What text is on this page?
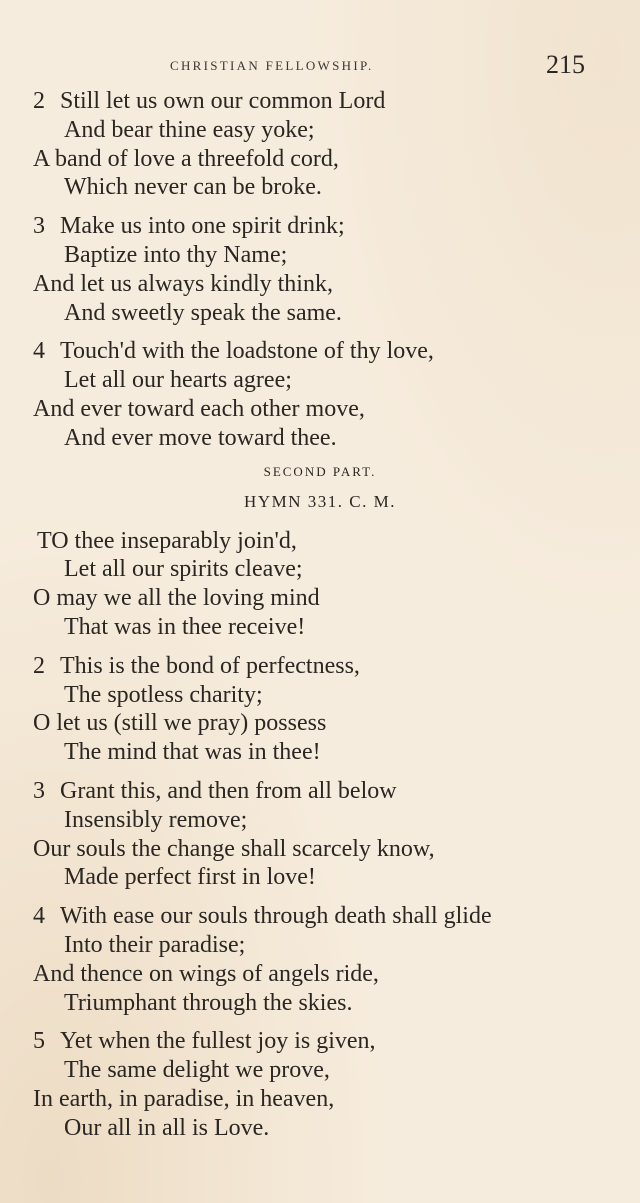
CHRISTIAN FELLOWSHIP.	215
2 Still let us own our common Lord
And bear thine easy yoke;
A band of love a threefold cord,
Which never can be broke.
3 Make us into one spirit drink;
Baptize into thy Name;
And let us always kindly think,
And sweetly speak the same.
4 Touch'd with the loadstone of thy love,
Let all our hearts agree;
And ever toward each other move,
And ever move toward thee.
SECOND PART.
HYMN 331. C. M.
TO thee inseparably join'd,
Let all our spirits cleave;
O may we all the loving mind
That was in thee receive!
2 This is the bond of perfectness,
The spotless charity;
O let us (still we pray) possess
The mind that was in thee!
3 Grant this, and then from all below
Insensibly remove;
Our souls the change shall scarcely know,
Made perfect first in love!
4 With ease our souls through death shall glide
Into their paradise;
And thence on wings of angels ride,
Triumphant through the skies.
5 Yet when the fullest joy is given,
The same delight we prove,
In earth, in paradise, in heaven,
Our all in all is Love.
